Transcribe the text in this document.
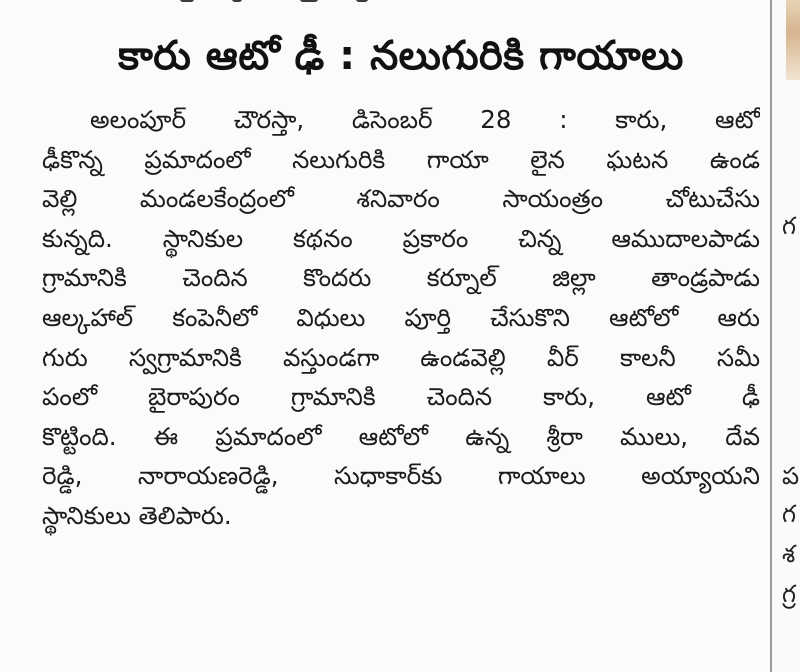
కారు ఆటో ఢీ : నలుగురికి గాయాలు
అలంపూర్ చౌరస్తా, డిసెంబర్ 28 : కారు, ఆటో
ఢీకొన్న ప్రమాదంలో నలుగురికి గాయా లైన ఘటన ఉండ
వెల్లి మండలకేంద్రంలో శనివారం సాయంత్రం చోటుచేసు
కున్నది. స్థానికుల కథనం ప్రకారం చిన్న ఆముదాలపాడు
గ్రామానికి చెందిన కొందరు కర్నూల్ జిల్లా తాండ్రపాడు
ఆల్కహాల్ కంపెనీలో విధులు పూర్తి చేసుకొని ఆటోలో ఆరు
గురు స్వగ్రామానికి వస్తుండగా ఉండవెల్లి వీర్ కాలనీ సమీ
పంలో బైరాపురం గ్రామానికి చెందిన కారు, ఆటో ఢీ
కొట్టింది. ఈ ప్రమాదంలో ఆటోలో ఉన్న శ్రీరా ములు, దేవ
రెడ్డి, నారాయణరెడ్డి, సుధాకార్‌కు గాయాలు అయ్యాయని
స్థానికులు తెలిపారు.
గ
ప
గ
శ
గ్ర
